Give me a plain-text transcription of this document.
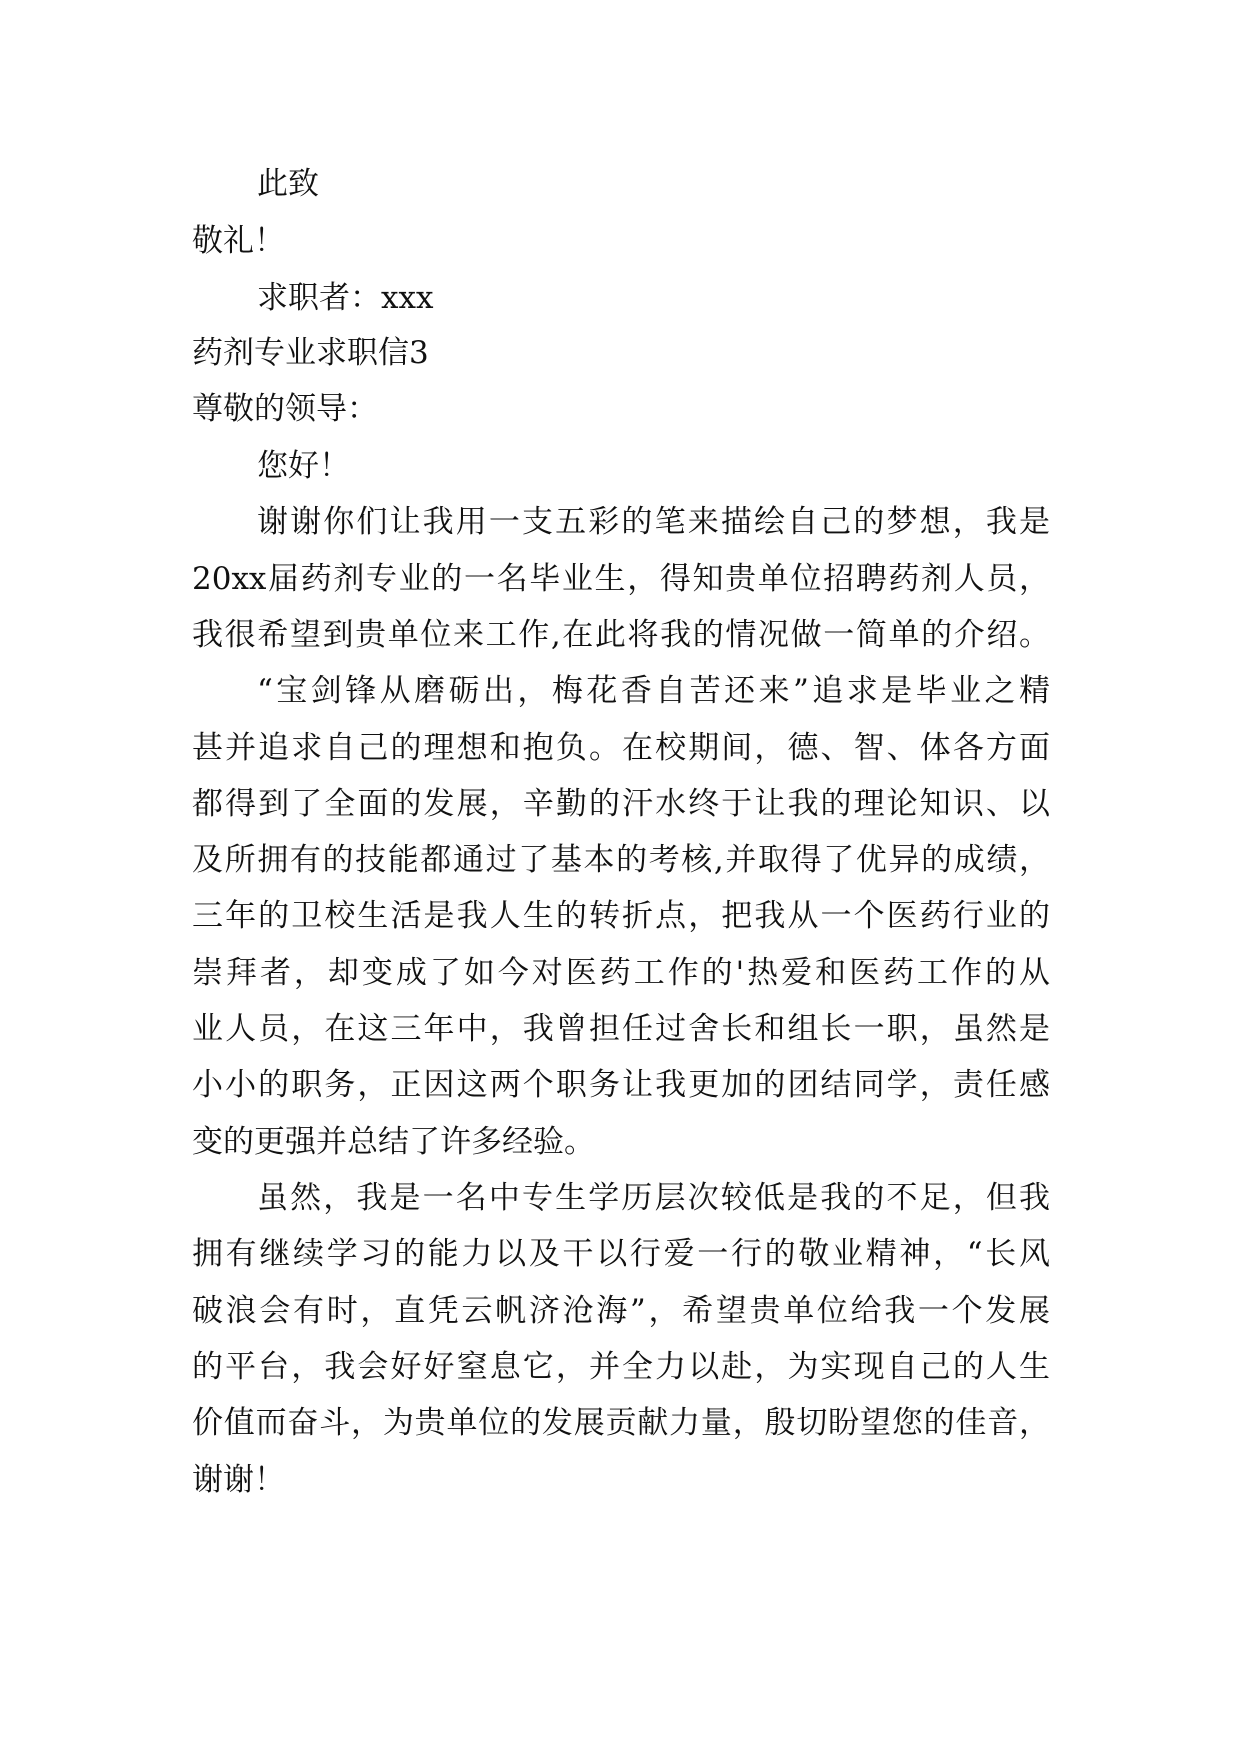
此致
敬礼！
求职者：xxx
药剂专业求职信3
尊敬的领导：
您好！
谢谢你们让我用一支五彩的笔来描绘自己的梦想，我是
20xx届药剂专业的一名毕业生，得知贵单位招聘药剂人员，
我很希望到贵单位来工作,在此将我的情况做一简单的介绍。
“宝剑锋从磨砺出，梅花香自苦还来”追求是毕业之精
甚并追求自己的理想和抱负。在校期间，德、智、体各方面
都得到了全面的发展，辛勤的汗水终于让我的理论知识、以
及所拥有的技能都通过了基本的考核,并取得了优异的成绩，
三年的卫校生活是我人生的转折点，把我从一个医药行业的
崇拜者，却变成了如今对医药工作的'热爱和医药工作的从
业人员，在这三年中，我曾担任过舍长和组长一职，虽然是
小小的职务，正因这两个职务让我更加的团结同学，责任感
变的更强并总结了许多经验。
虽然，我是一名中专生学历层次较低是我的不足，但我
拥有继续学习的能力以及干以行爱一行的敬业精神，“长风
破浪会有时，直凭云帆济沧海”，希望贵单位给我一个发展
的平台，我会好好窒息它，并全力以赴，为实现自己的人生
价值而奋斗，为贵单位的发展贡献力量，殷切盼望您的佳音，
谢谢！
